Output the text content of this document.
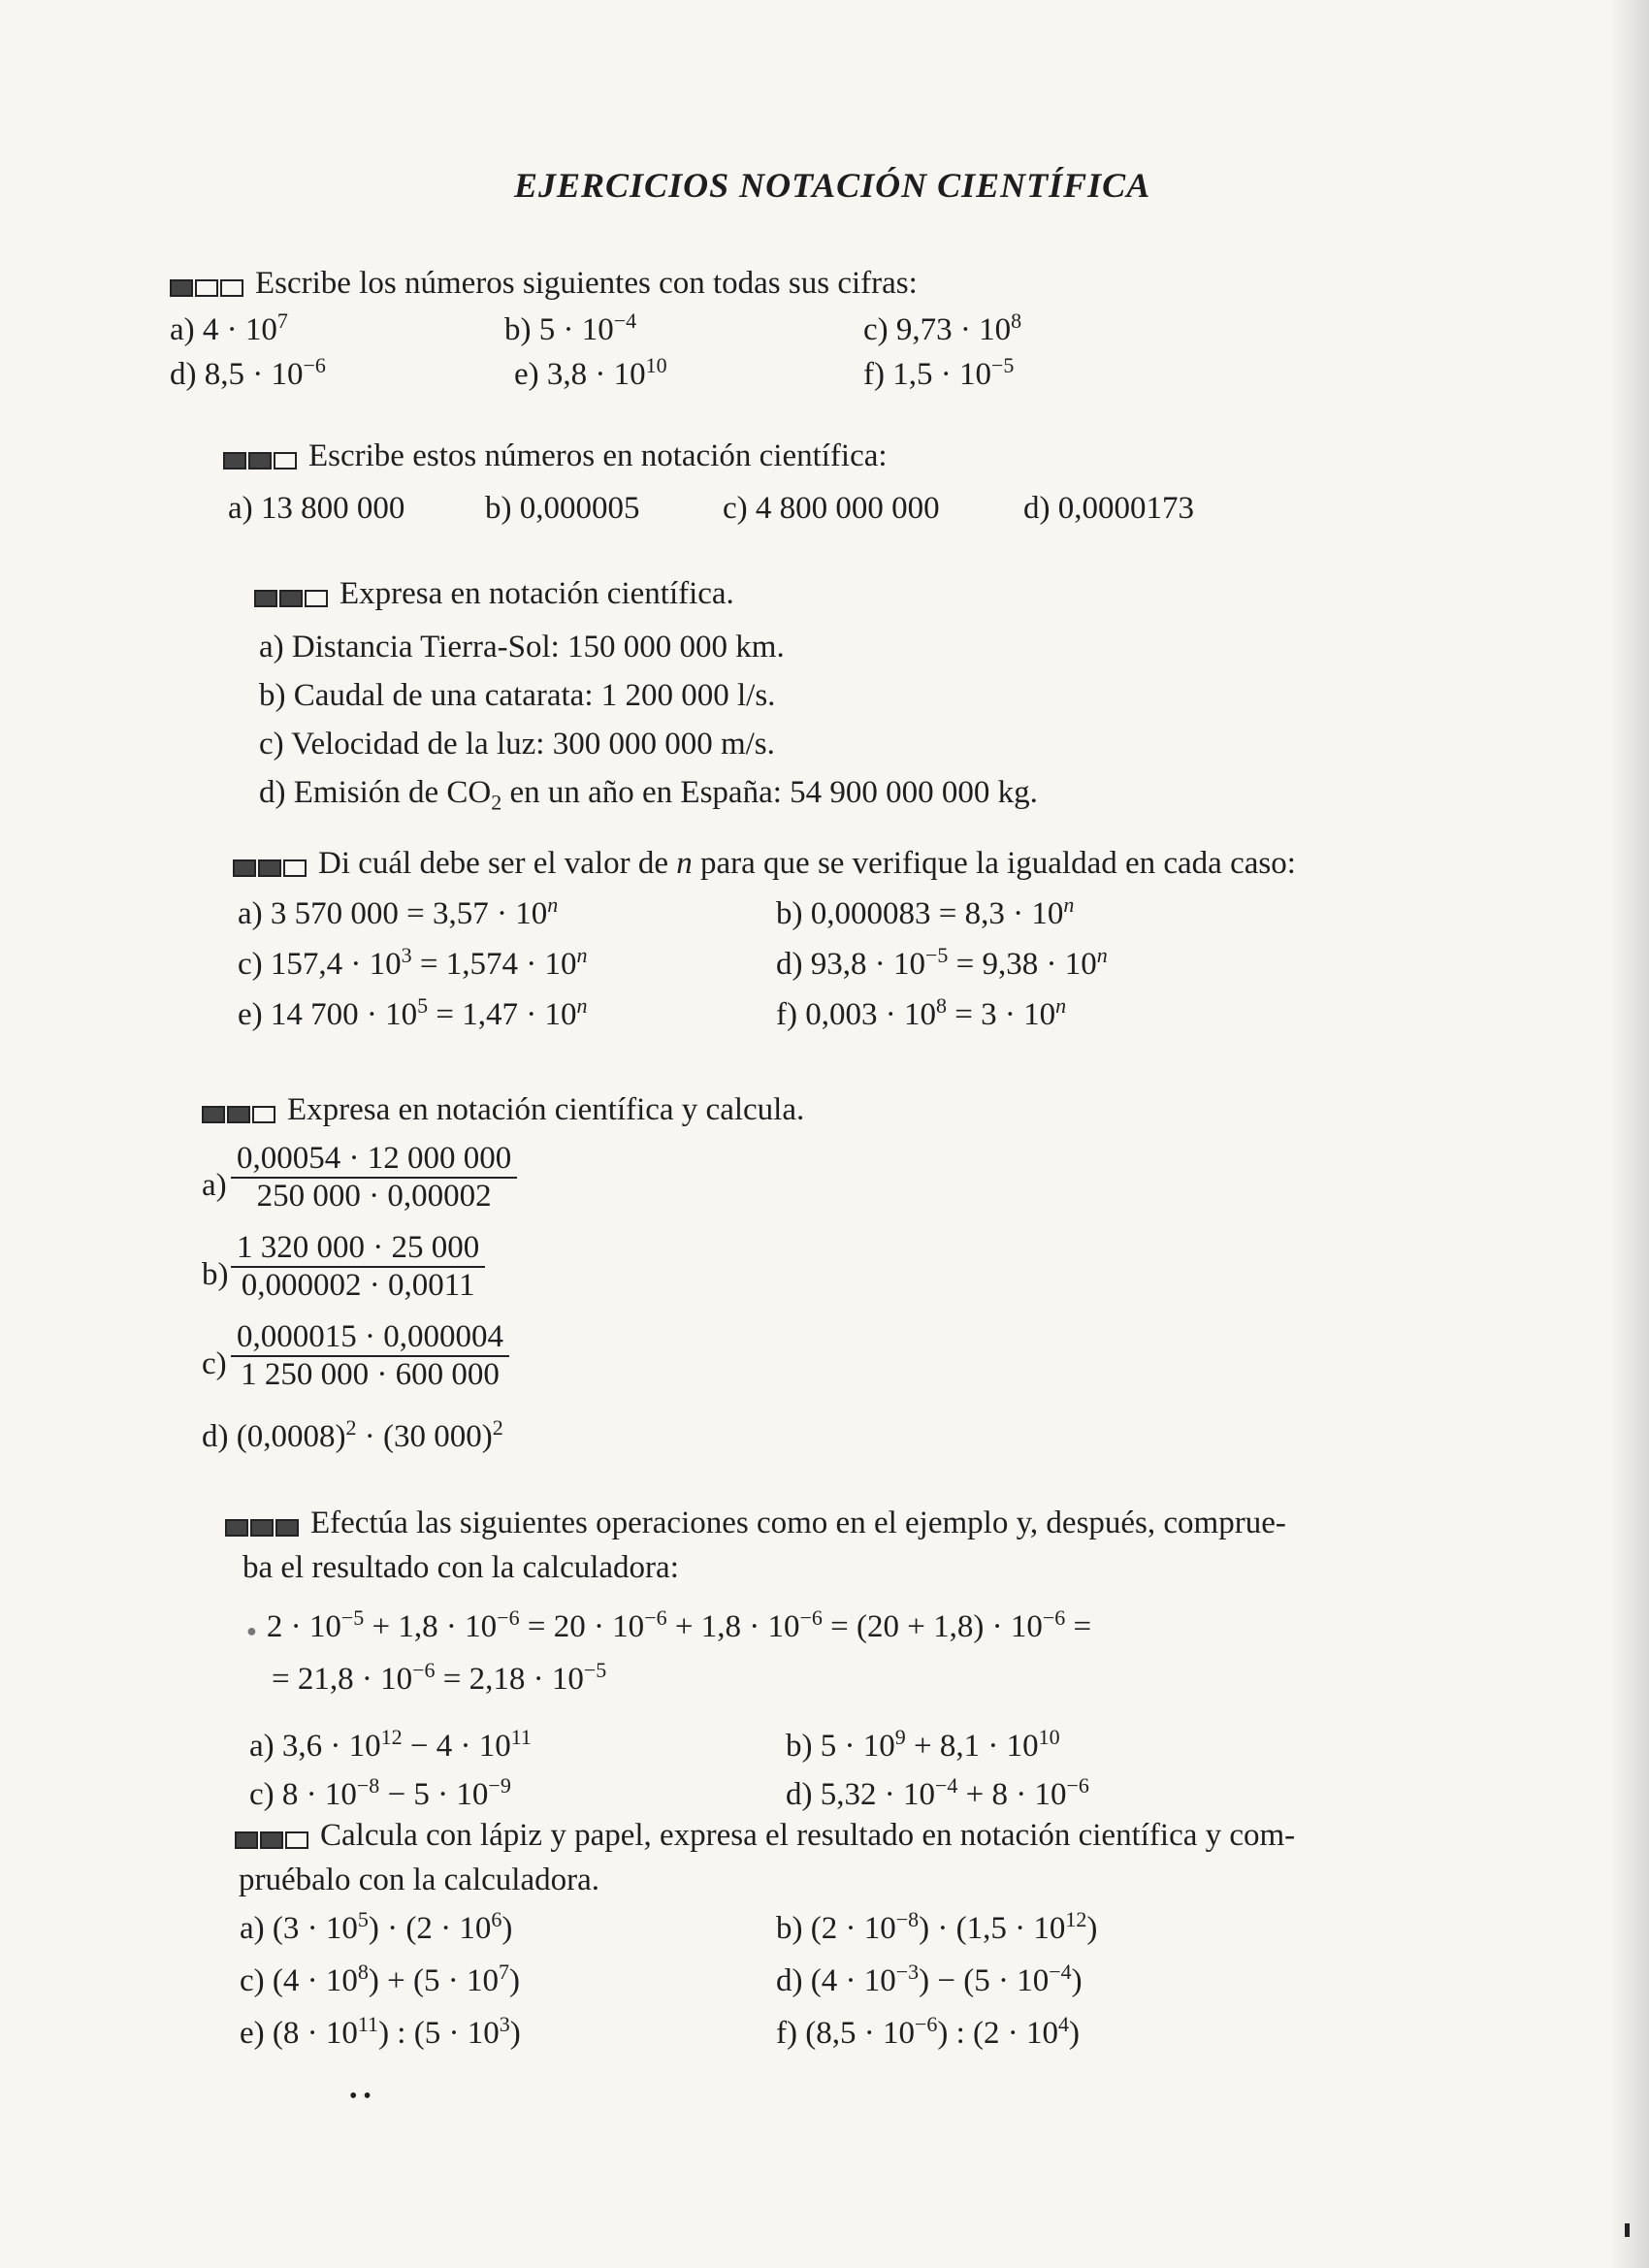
EJERCICIOS NOTACIÓN CIENTÍFICA
Escribe los números siguientes con todas sus cifras:
a) $4 \cdot 10^7$	b) $5 \cdot 10^{-4}$	c) $9,73 \cdot 10^8$
d) $8,5 \cdot 10^{-6}$	e) $3,8 \cdot 10^{10}$	f) $1,5 \cdot 10^{-5}$
Escribe estos números en notación científica:
a) 13 800 000	b) 0,000005	c) 4 800 000 000	d) 0,0000173
Expresa en notación científica.
a) Distancia Tierra-Sol: 150 000 000 km.
b) Caudal de una catarata: 1 200 000 l/s.
c) Velocidad de la luz: 300 000 000 m/s.
d) Emisión de $CO_2$ en un año en España: 54 900 000 000 kg.
Di cuál debe ser el valor de n para que se verifique la igualdad en cada caso:
a) 3 570 $000 = 3,57 \cdot 10^n$	b) $0,000083 = 8,3 \cdot 10^n$
c) $157,4 \cdot 10^3 = 1,574 \cdot 10^n$	d) $93,8 \cdot 10^{-5} = 9,38 \cdot 10^n$
e) 14 $700 \cdot 10^5 = 1,47 \cdot 10^n$	f) $0,003 \cdot 10^8 = 3 \cdot 10^n$
Expresa en notación científica y calcula.
$a) \frac{0,00054 \cdot 12 000 000}{250 000 \cdot 0,00002}$
$b) \frac{1 320 000 \cdot 25 000}{0,000002 \cdot 0,0011}$
$c) \frac{0,000015 \cdot 0,000004}{1 250 000 \cdot 600 000}$
d) $(0,0008)^2 \cdot (30$ 000)$^2$
Efectúa las siguientes operaciones como en el ejemplo y, después, comprue-
ba el resultado con la calculadora:
● $2 \cdot 10^{-5} + 1,8 \cdot 10^{-6} = 20 \cdot 10^{-6} + 1,8 \cdot 10^{-6} = (20 + 1,8) \cdot 10^{-6}$ =
= $21,8 \cdot 10^{-6} = 2,18 \cdot 10^{-5}$
a) $3,6 \cdot 10^{12} - 4 \cdot 10^{11}$	b) $5 \cdot 10^9 + 8,1 \cdot 10^{10}$
c) $8 \cdot 10^{-8} - 5 \cdot 10^{-9}$	d) $5,32 \cdot 10^{-4} + 8 \cdot 10^{-6}$
Calcula con lápiz y papel, expresa el resultado en notación científica y com-
pruébalo con la calculadora.
a) $(3 \cdot 10^5) \cdot (2 \cdot 10^6)$	b) $(2 \cdot 10^{-8}) \cdot (1,5 \cdot 10^{12})$
c) $(4 \cdot 10^8) + (5 \cdot 10^7)$	d) $(4 \cdot 10^{-3}) - (5 \cdot 10^{-4})$
e) $(8 \cdot 10^{11})$ : $(5 \cdot 10^3)$	f) $(8,5 \cdot 10^{-6})$ : $(2 \cdot 10^4)$
• •
